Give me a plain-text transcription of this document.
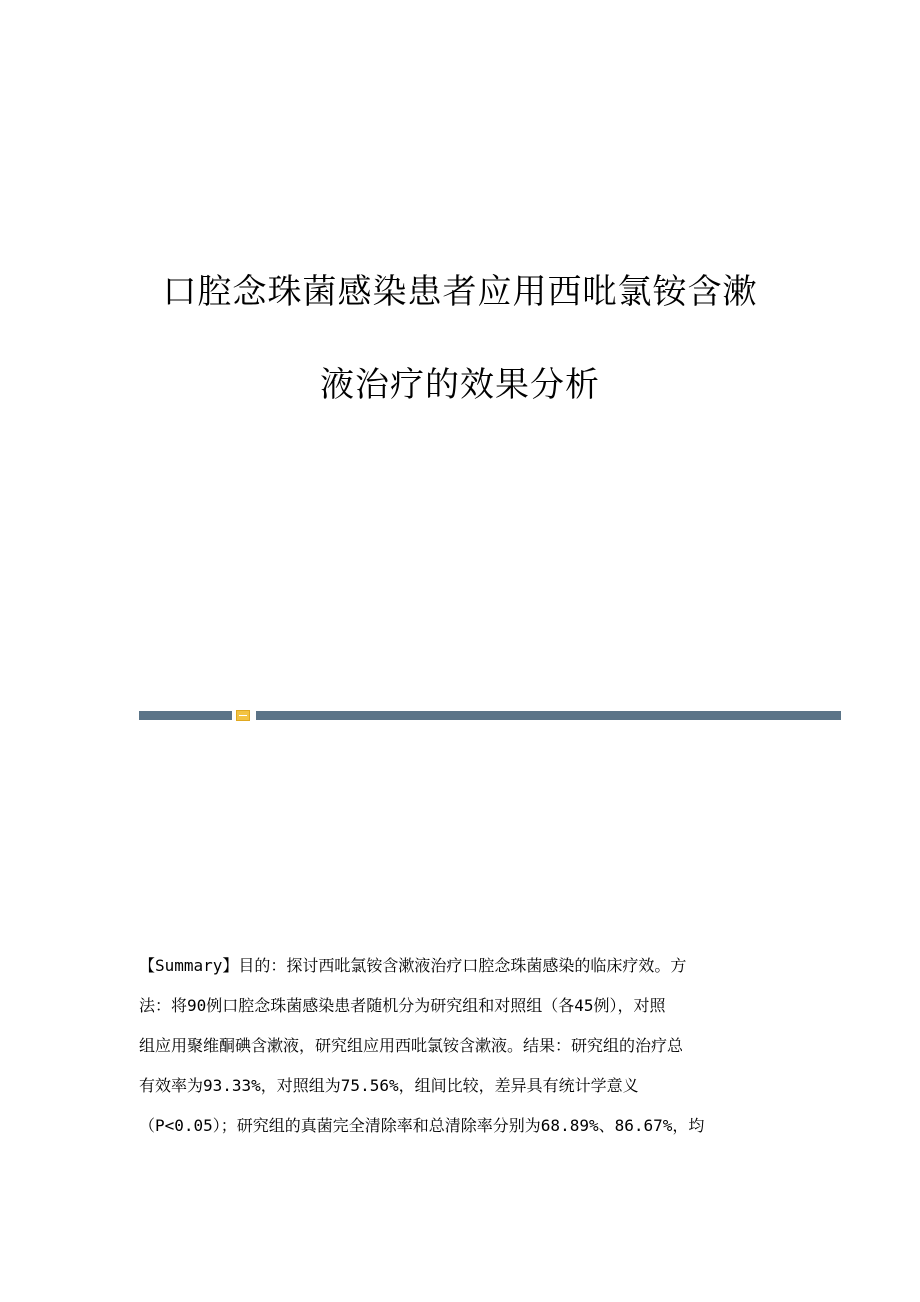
口腔念珠菌感染患者应用西吡氯铵含漱
液治疗的效果分析
【Summary】目的：探讨西吡氯铵含漱液治疗口腔念珠菌感染的临床疗效。方
法：将90例口腔念珠菌感染患者随机分为研究组和对照组（各45例），对照
组应用聚维酮碘含漱液，研究组应用西吡氯铵含漱液。结果：研究组的治疗总
有效率为93.33%，对照组为75.56%，组间比较，差异具有统计学意义
（P<0.05）；研究组的真菌完全清除率和总清除率分别为68.89%、86.67%，均
